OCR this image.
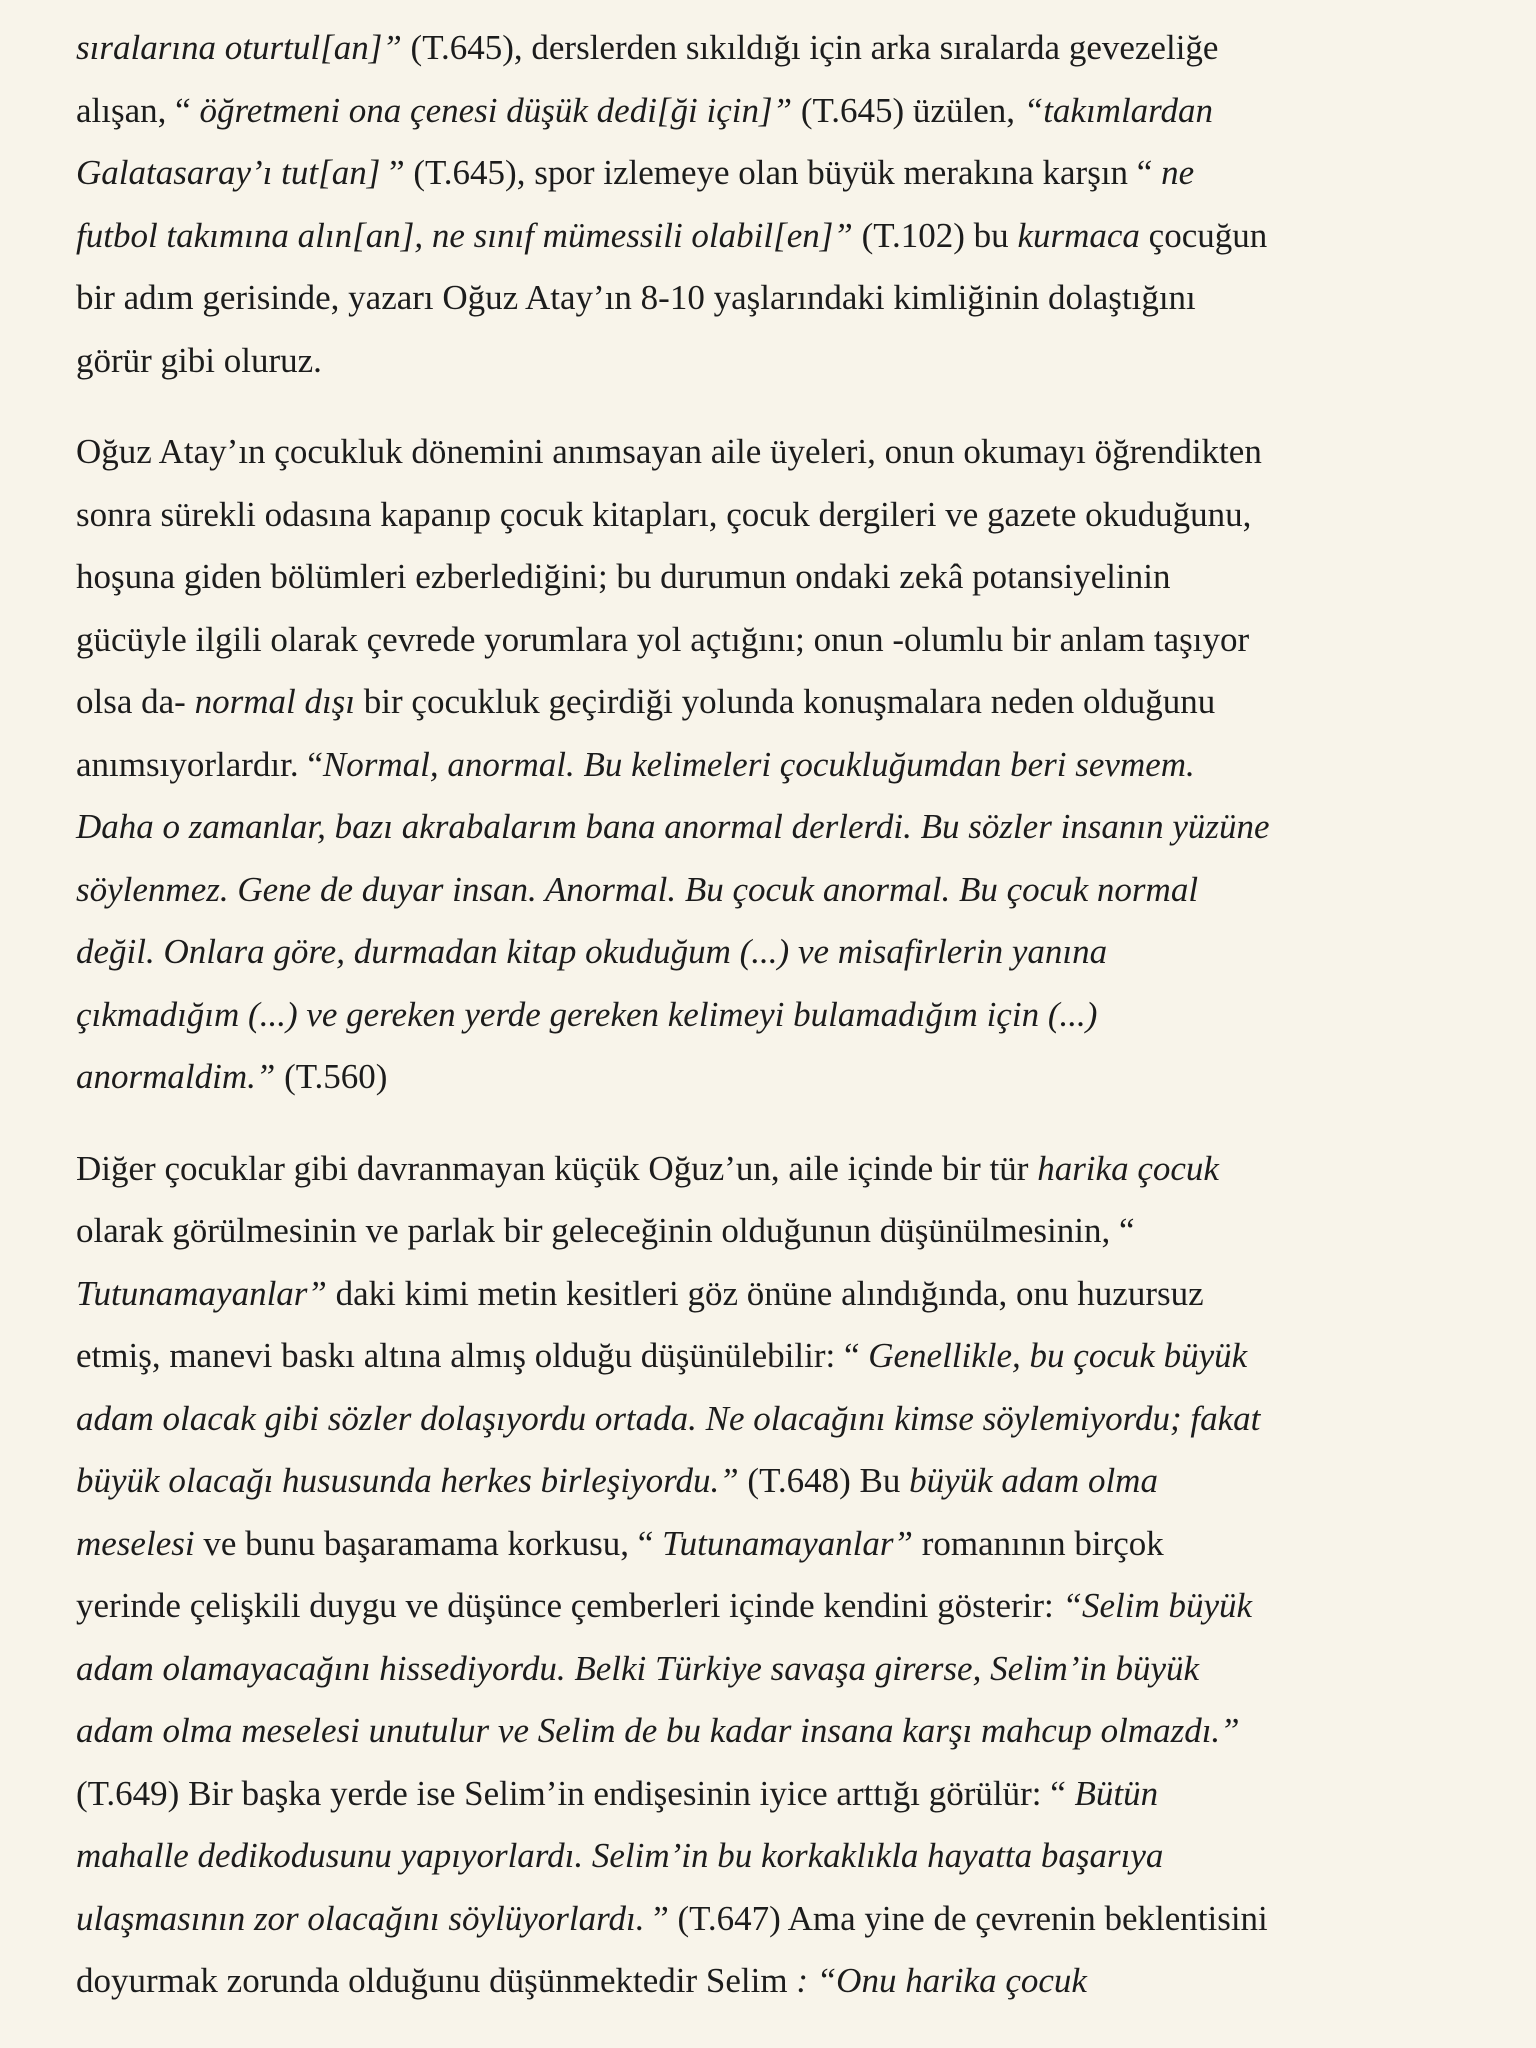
sıralarına oturtul[an]” (T.645), derslerden sıkıldığı için arka sıralarda gevezeliğe
alışan, “ öğretmeni ona çenesi düşük dedi[ği için]” (T.645) üzülen, “takımlardan
Galatasaray’ı tut[an] ” (T.645), spor izlemeye olan büyük merakına karşın “ ne
futbol takımına alın[an], ne sınıf mümessili olabil[en]” (T.102) bu kurmaca çocuğun
bir adım gerisinde, yazarı Oğuz Atay’ın 8-10 yaşlarındaki kimliğinin dolaştığını
görür gibi oluruz.

Oğuz Atay’ın çocukluk dönemini anımsayan aile üyeleri, onun okumayı öğrendikten
sonra sürekli odasına kapanıp çocuk kitapları, çocuk dergileri ve gazete okuduğunu,
hoşuna giden bölümleri ezberlediğini; bu durumun ondaki zekâ potansiyelinin
gücüyle ilgili olarak çevrede yorumlara yol açtığını; onun -olumlu bir anlam taşıyor
olsa da- normal dışı bir çocukluk geçirdiği yolunda konuşmalara neden olduğunu
anımsıyorlardır. “Normal, anormal. Bu kelimeleri çocukluğumdan beri sevmem.
Daha o zamanlar, bazı akrabalarım bana anormal derlerdi. Bu sözler insanın yüzüne
söylenmez. Gene de duyar insan. Anormal. Bu çocuk anormal. Bu çocuk normal
değil. Onlara göre, durmadan kitap okuduğum (...) ve misafirlerin yanına
çıkmadığım (...) ve gereken yerde gereken kelimeyi bulamadığım için (...)
anormaldim.” (T.560)

Diğer çocuklar gibi davranmayan küçük Oğuz’un, aile içinde bir tür harika çocuk
olarak görülmesinin ve parlak bir geleceğinin olduğunun düşünülmesinin, “
Tutunamayanlar” daki kimi metin kesitleri göz önüne alındığında, onu huzursuz
etmiş, manevi baskı altına almış olduğu düşünülebilir: “ Genellikle, bu çocuk büyük
adam olacak gibi sözler dolaşıyordu ortada. Ne olacağını kimse söylemiyordu; fakat
büyük olacağı hususunda herkes birleşiyordu.” (T.648) Bu büyük adam olma
meselesi ve bunu başaramama korkusu, “ Tutunamayanlar” romanının birçok
yerinde çelişkili duygu ve düşünce çemberleri içinde kendini gösterir: “Selim büyük
adam olamayacağını hissediyordu. Belki Türkiye savaşa girerse, Selim’in büyük
adam olma meselesi unutulur ve Selim de bu kadar insana karşı mahcup olmazdı.”
(T.649) Bir başka yerde ise Selim’in endişesinin iyice arttığı görülür: “ Bütün
mahalle dedikodusunu yapıyorlardı. Selim’in bu korkaklıkla hayatta başarıya
ulaşmasının zor olacağını söylüyorlardı. ” (T.647) Ama yine de çevrenin beklentisini
doyurmak zorunda olduğunu düşünmektedir Selim : “Onu harika çocuk
